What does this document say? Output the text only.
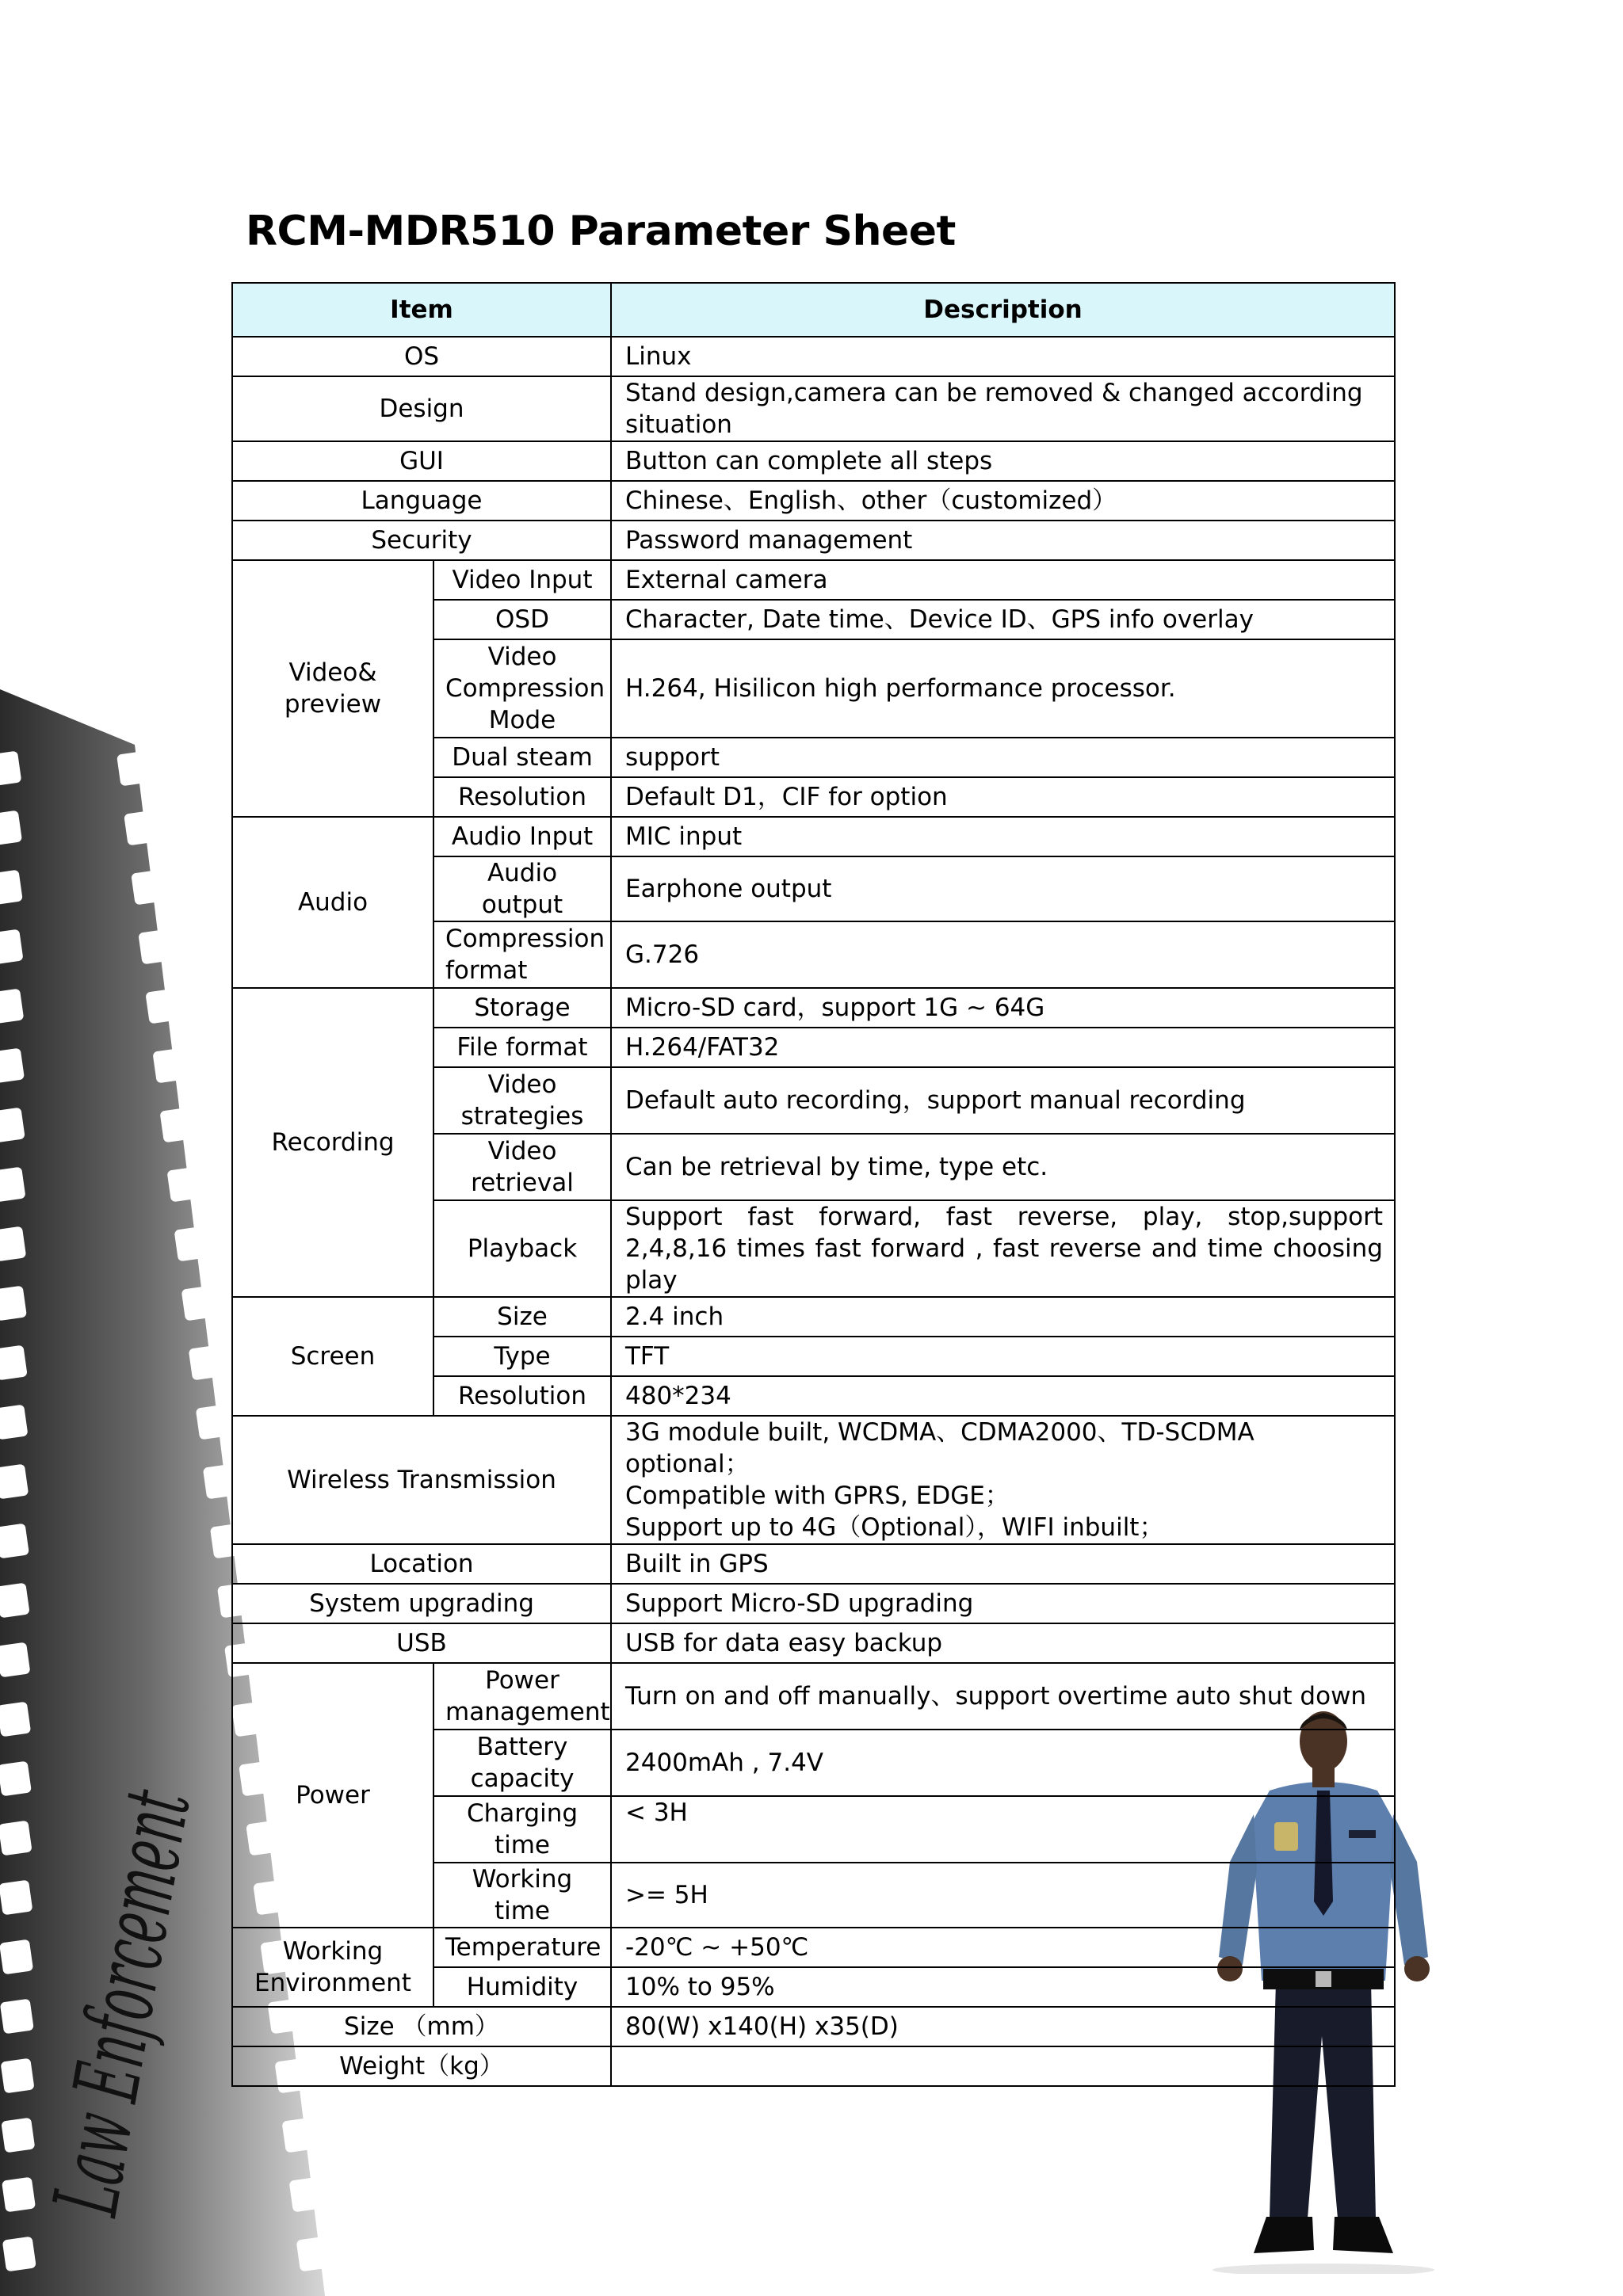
Law Enforcement
RCM-MDR510 Parameter Sheet
Item		Description
OS		Linux
Design		Stand design,camera can be removed & changed according situation
GUI		Button can complete all steps
Language		Chinese、English、other（customized）
Security		Password management
Video& preview	Video Input	External camera
	OSD	Character, Date time、Device ID、GPS info overlay
	Video Compression Mode	H.264, Hisilicon high performance processor.
	Dual steam	support
	Resolution	Default D1，CIF for option
Audio	Audio Input	MIC input
	Audio output	Earphone output
	Compression format	G.726
Recording	Storage	Micro-SD card，support 1G ~ 64G
	File format	H.264/FAT32
	Video strategies	Default auto recording，support manual recording
	Video retrieval	Can be retrieval by time, type etc.
	Playback	Support fast forward, fast reverse, play, stop,support 2,4,8,16 times fast forward , fast reverse and time choosing play
Screen	Size	2.4 inch
	Type	TFT
	Resolution	480*234
Wireless Transmission		3G module built, WCDMA、CDMA2000、TD-SCDMA optional；
Compatible with GPRS, EDGE；
Support up to 4G（Optional），WIFI inbuilt；

Location		Built in GPS
System upgrading		Support Micro-SD upgrading
USB		USB for data easy backup
Power	Power management	Turn on and off manually、support overtime auto shut down
	Battery capacity	2400mAh , 7.4V
	Charging time	< 3H
	Working time	>= 5H
Working Environment	Temperature	-20℃ ~ +50℃
	Humidity	10% to 95%
Size （mm）		80(W) x140(H) x35(D)
Weight（kg）		
